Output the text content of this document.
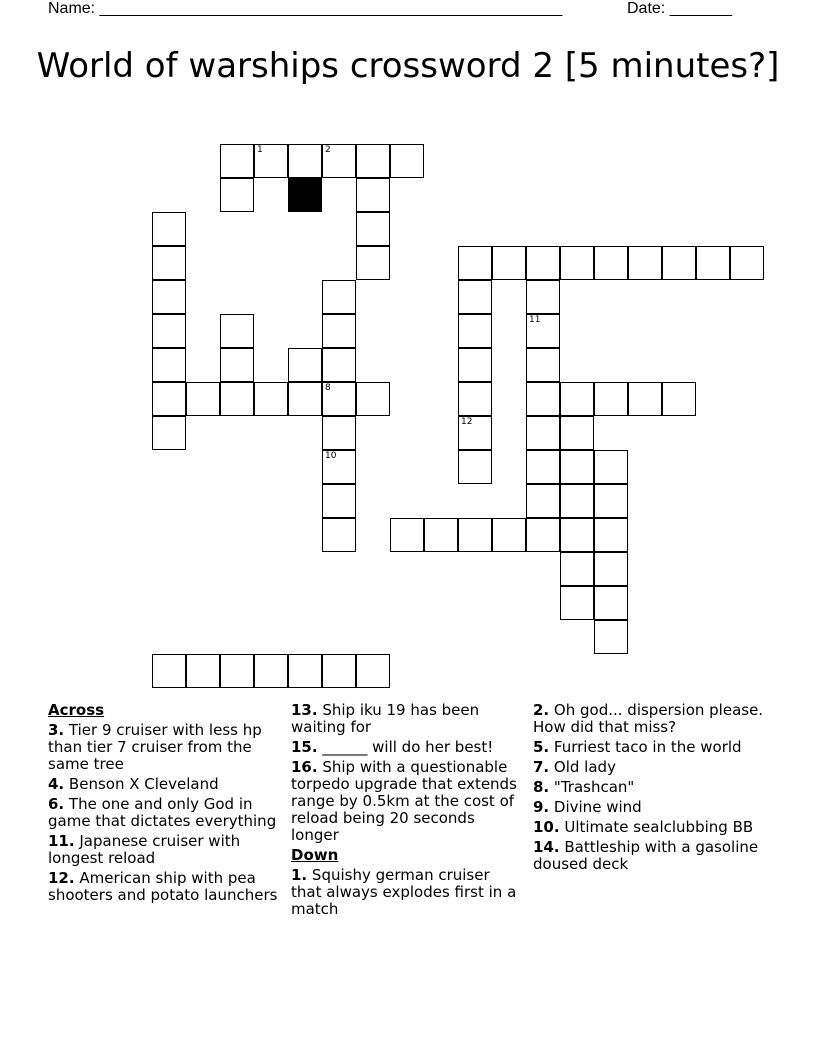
Name: ____________________________________________________	Date: _______
World of warships crossword 2 [5 minutes?]
1	2
8
10
12
11
Across
3. Tier 9 cruiser with less hp than tier 7 cruiser from the same tree
4. Benson X Cleveland
6. The one and only God in game that dictates everything
11. Japanese cruiser with longest reload
12. American ship with pea shooters and potato launchers
13. Ship iku 19 has been waiting for
15. ______ will do her best!
16. Ship with a questionable torpedo upgrade that extends range by 0.5km at the cost of reload being 20 seconds longer
Down
1. Squishy german cruiser that always explodes first in a match
2. Oh god... dispersion please. How did that miss?
5. Furriest taco in the world
7. Old lady
8. "Trashcan"
9. Divine wind
10. Ultimate sealclubbing BB
14. Battleship with a gasoline doused deck
